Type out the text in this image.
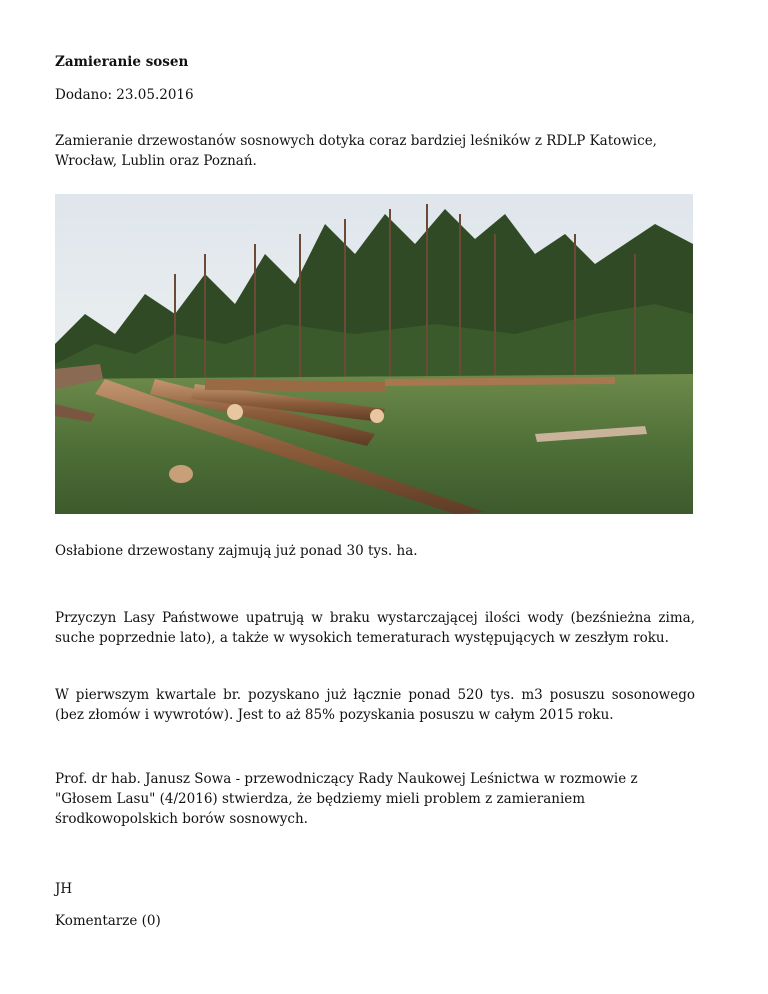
Zamieranie sosen
Dodano: 23.05.2016

Zamieranie drzewostanów sosnowych dotyka coraz bardziej leśników z RDLP Katowice, Wrocław, Lublin oraz Poznań.

Osłabione drzewostany zajmują już ponad 30 tys. ha.

Przyczyn Lasy Państwowe upatrują w braku wystarczającej ilości wody (bezśnieżna zima, suche poprzednie lato), a także w wysokich temeraturach występujących w zeszłym roku.

W pierwszym kwartale br. pozyskano już łącznie ponad 520 tys. m3 posuszu sosonowego (bez złomów i wywrotów). Jest to aż 85% pozyskania posuszu w całym 2015 roku.

Prof. dr hab. Janusz Sowa - przewodniczący Rady Naukowej Leśnictwa w rozmowie z "Głosem Lasu" (4/2016) stwierdza, że będziemy mieli problem z zamieraniem środkowopolskich borów sosnowych.

JH
Komentarze (0)
